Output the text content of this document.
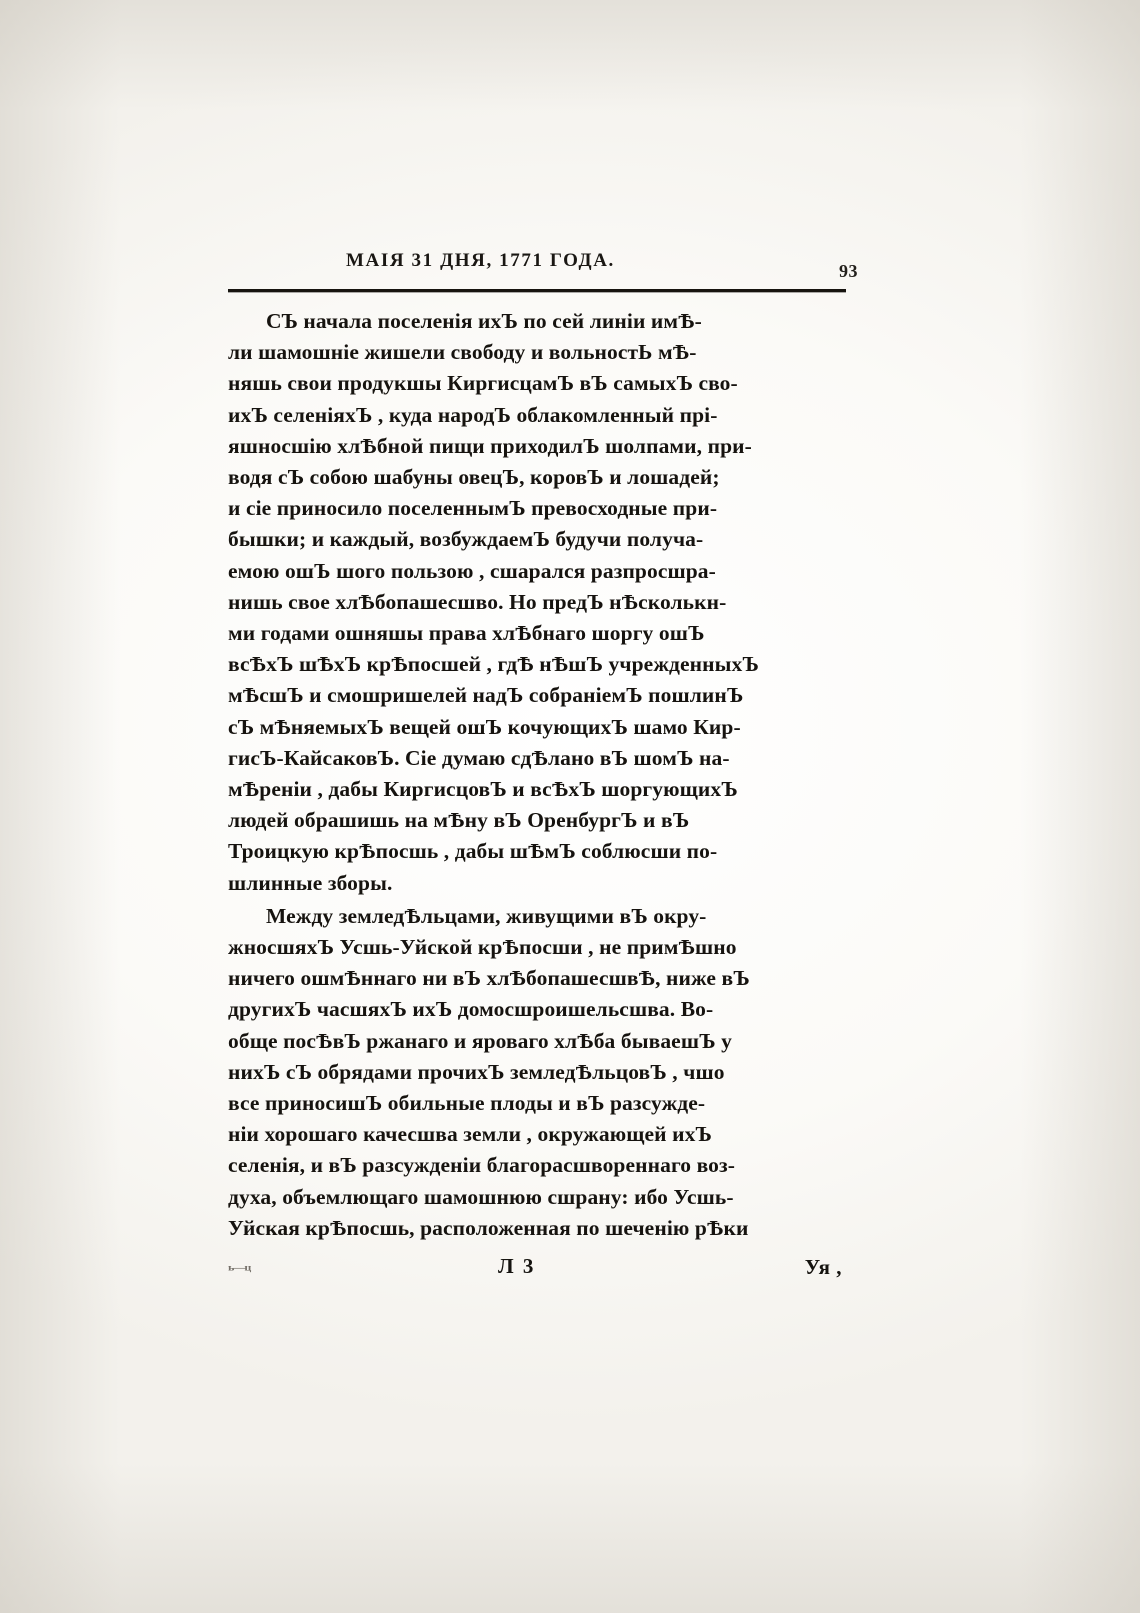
МАІЯ 31 ДНЯ, 1771 ГОДА.	93

СЪ начала поселенія ихЪ по сей линіи имѢ-
ли шамошніе жишели свободу и вольностЬ мѢ-
няшь свои продукшы КиргисцамЪ вЪ самыхЪ сво-
ихЪ селеніяхЪ , куда народЪ облакомленный прі-
яшносшію хлѢбной пищи приходилЪ шолпами, при-
водя сЪ собою шабуны овецЪ, коровЪ и лошадей;
и сіе приносило поселеннымЪ превосходные при-
бышки; и каждый, возбуждаемЪ будучи получа-
емою ошЪ шого пользою , сшарался разпросшра-
нишь свое хлѢбопашесшво. Но предЪ нѢсколькн-
ми годами ошняшы права хлѢбнаго шоргу ошЪ
всѢхЪ шѢхЪ крѢпосшей , гдѢ нѢшЪ учрежденныхЪ
мѢсшЪ и смошришелей надЪ собраніемЪ пошлинЪ
сЪ мѢняемыхЪ вещей ошЪ кочующихЪ шамо Кир-
гисЪ-КайсаковЪ. Сіе думаю сдѢлано вЪ шомЪ на-
мѢреніи , дабы КиргисцовЪ и всѢхЪ шоргующихЪ
людей обрашишь на мѢну вЪ ОренбургЪ и вЪ
Троицкую крѢпосшь , дабы шѢмЪ соблюсши по-
шлинные зборы.

Между земледѢльцами, живущими вЪ окру-
жносшяхЪ Усшь-Уйской крѢпосши , не примѢшно
ничего ошмѢннаго ни вЪ хлѢбопашесшвѢ, ниже вЪ
другихЪ часшяхЪ ихЪ домосшроишельсшва. Во-
обще посѢвЪ ржанаго и яроваго хлѢба бываешЪ у
нихЪ сЪ обрядами прочихЪ земледѢльцовЪ , чшо
все приносишЪ обильные плоды и вЪ разсужде-
ніи хорошаго качесшва земли , окружающей ихЪ
селенія, и вЪ разсужденіи благорасшвореннаго воз-
духа, объемлющаго шамошнюю сшрану: ибо Усшь-
Уйская крѢпосшь, расположенная по шеченію рѢки

ь—ц	Л 3	Уя ,
